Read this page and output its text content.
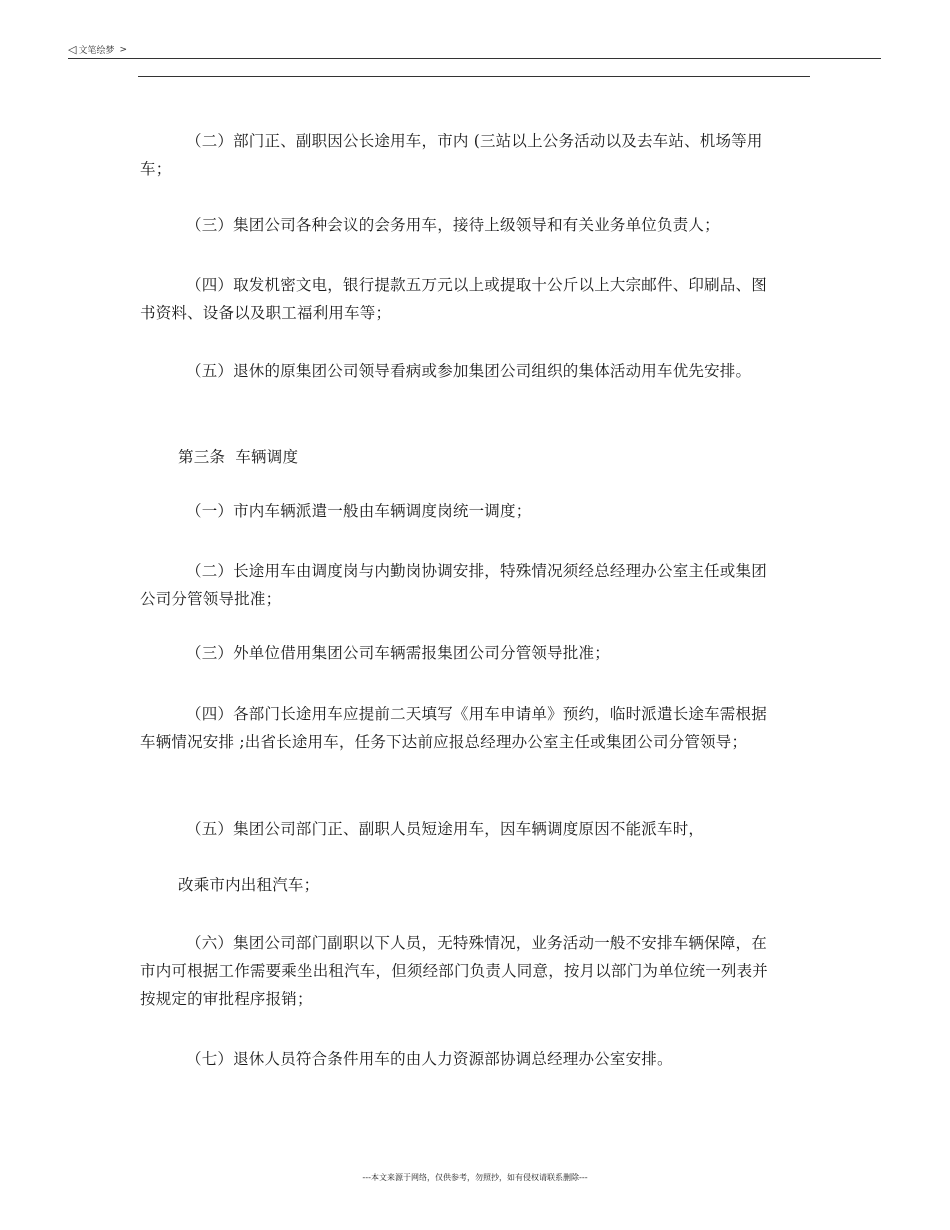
◁ 文笔绘梦 >

（二）部门正、副职因公长途用车，市内 (三站以上公务活动以及去车站、机场等用车；

（三）集团公司各种会议的会务用车，接待上级领导和有关业务单位负责人；

（四）取发机密文电，银行提款五万元以上或提取十公斤以上大宗邮件、印刷品、图书资料、设备以及职工福利用车等；

（五）退休的原集团公司领导看病或参加集团公司组织的集体活动用车优先安排。

第三条  车辆调度

（一）市内车辆派遣一般由车辆调度岗统一调度；

（二）长途用车由调度岗与内勤岗协调安排，特殊情况须经总经理办公室主任或集团公司分管领导批准；

（三）外单位借用集团公司车辆需报集团公司分管领导批准；

（四）各部门长途用车应提前二天填写《用车申请单》预约，临时派遣长途车需根据车辆情况安排 ;出省长途用车，任务下达前应报总经理办公室主任或集团公司分管领导；

（五）集团公司部门正、副职人员短途用车，因车辆调度原因不能派车时，

改乘市内出租汽车；

（六）集团公司部门副职以下人员，无特殊情况，业务活动一般不安排车辆保障，在市内可根据工作需要乘坐出租汽车，但须经部门负责人同意，按月以部门为单位统一列表并按规定的审批程序报销；

（七）退休人员符合条件用车的由人力资源部协调总经理办公室安排。

---本文来源于网络，仅供参考，勿照抄，如有侵权请联系删除---
